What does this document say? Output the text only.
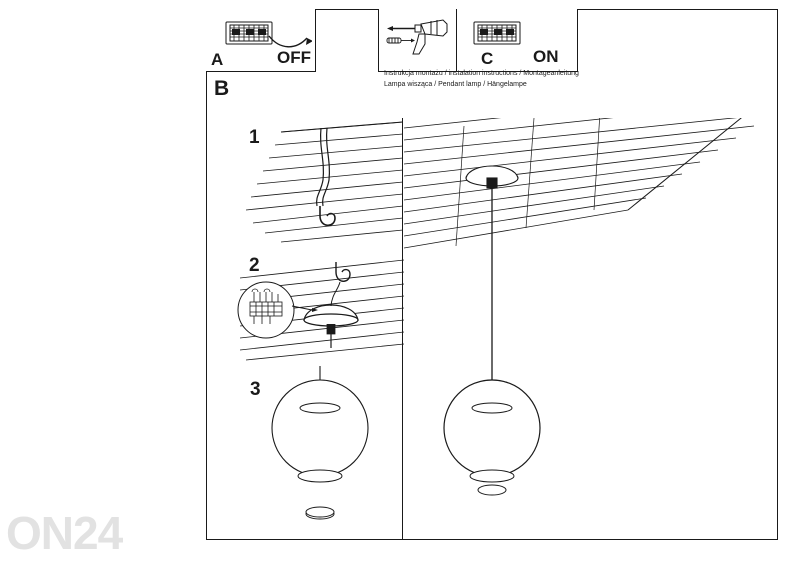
ON24
A	OFF
B
C ON
Instrukcja montażu / instalation instructions / Montageanleitung
Lampa wisząca / Pendant lamp / Hängelampe
1
2
3
